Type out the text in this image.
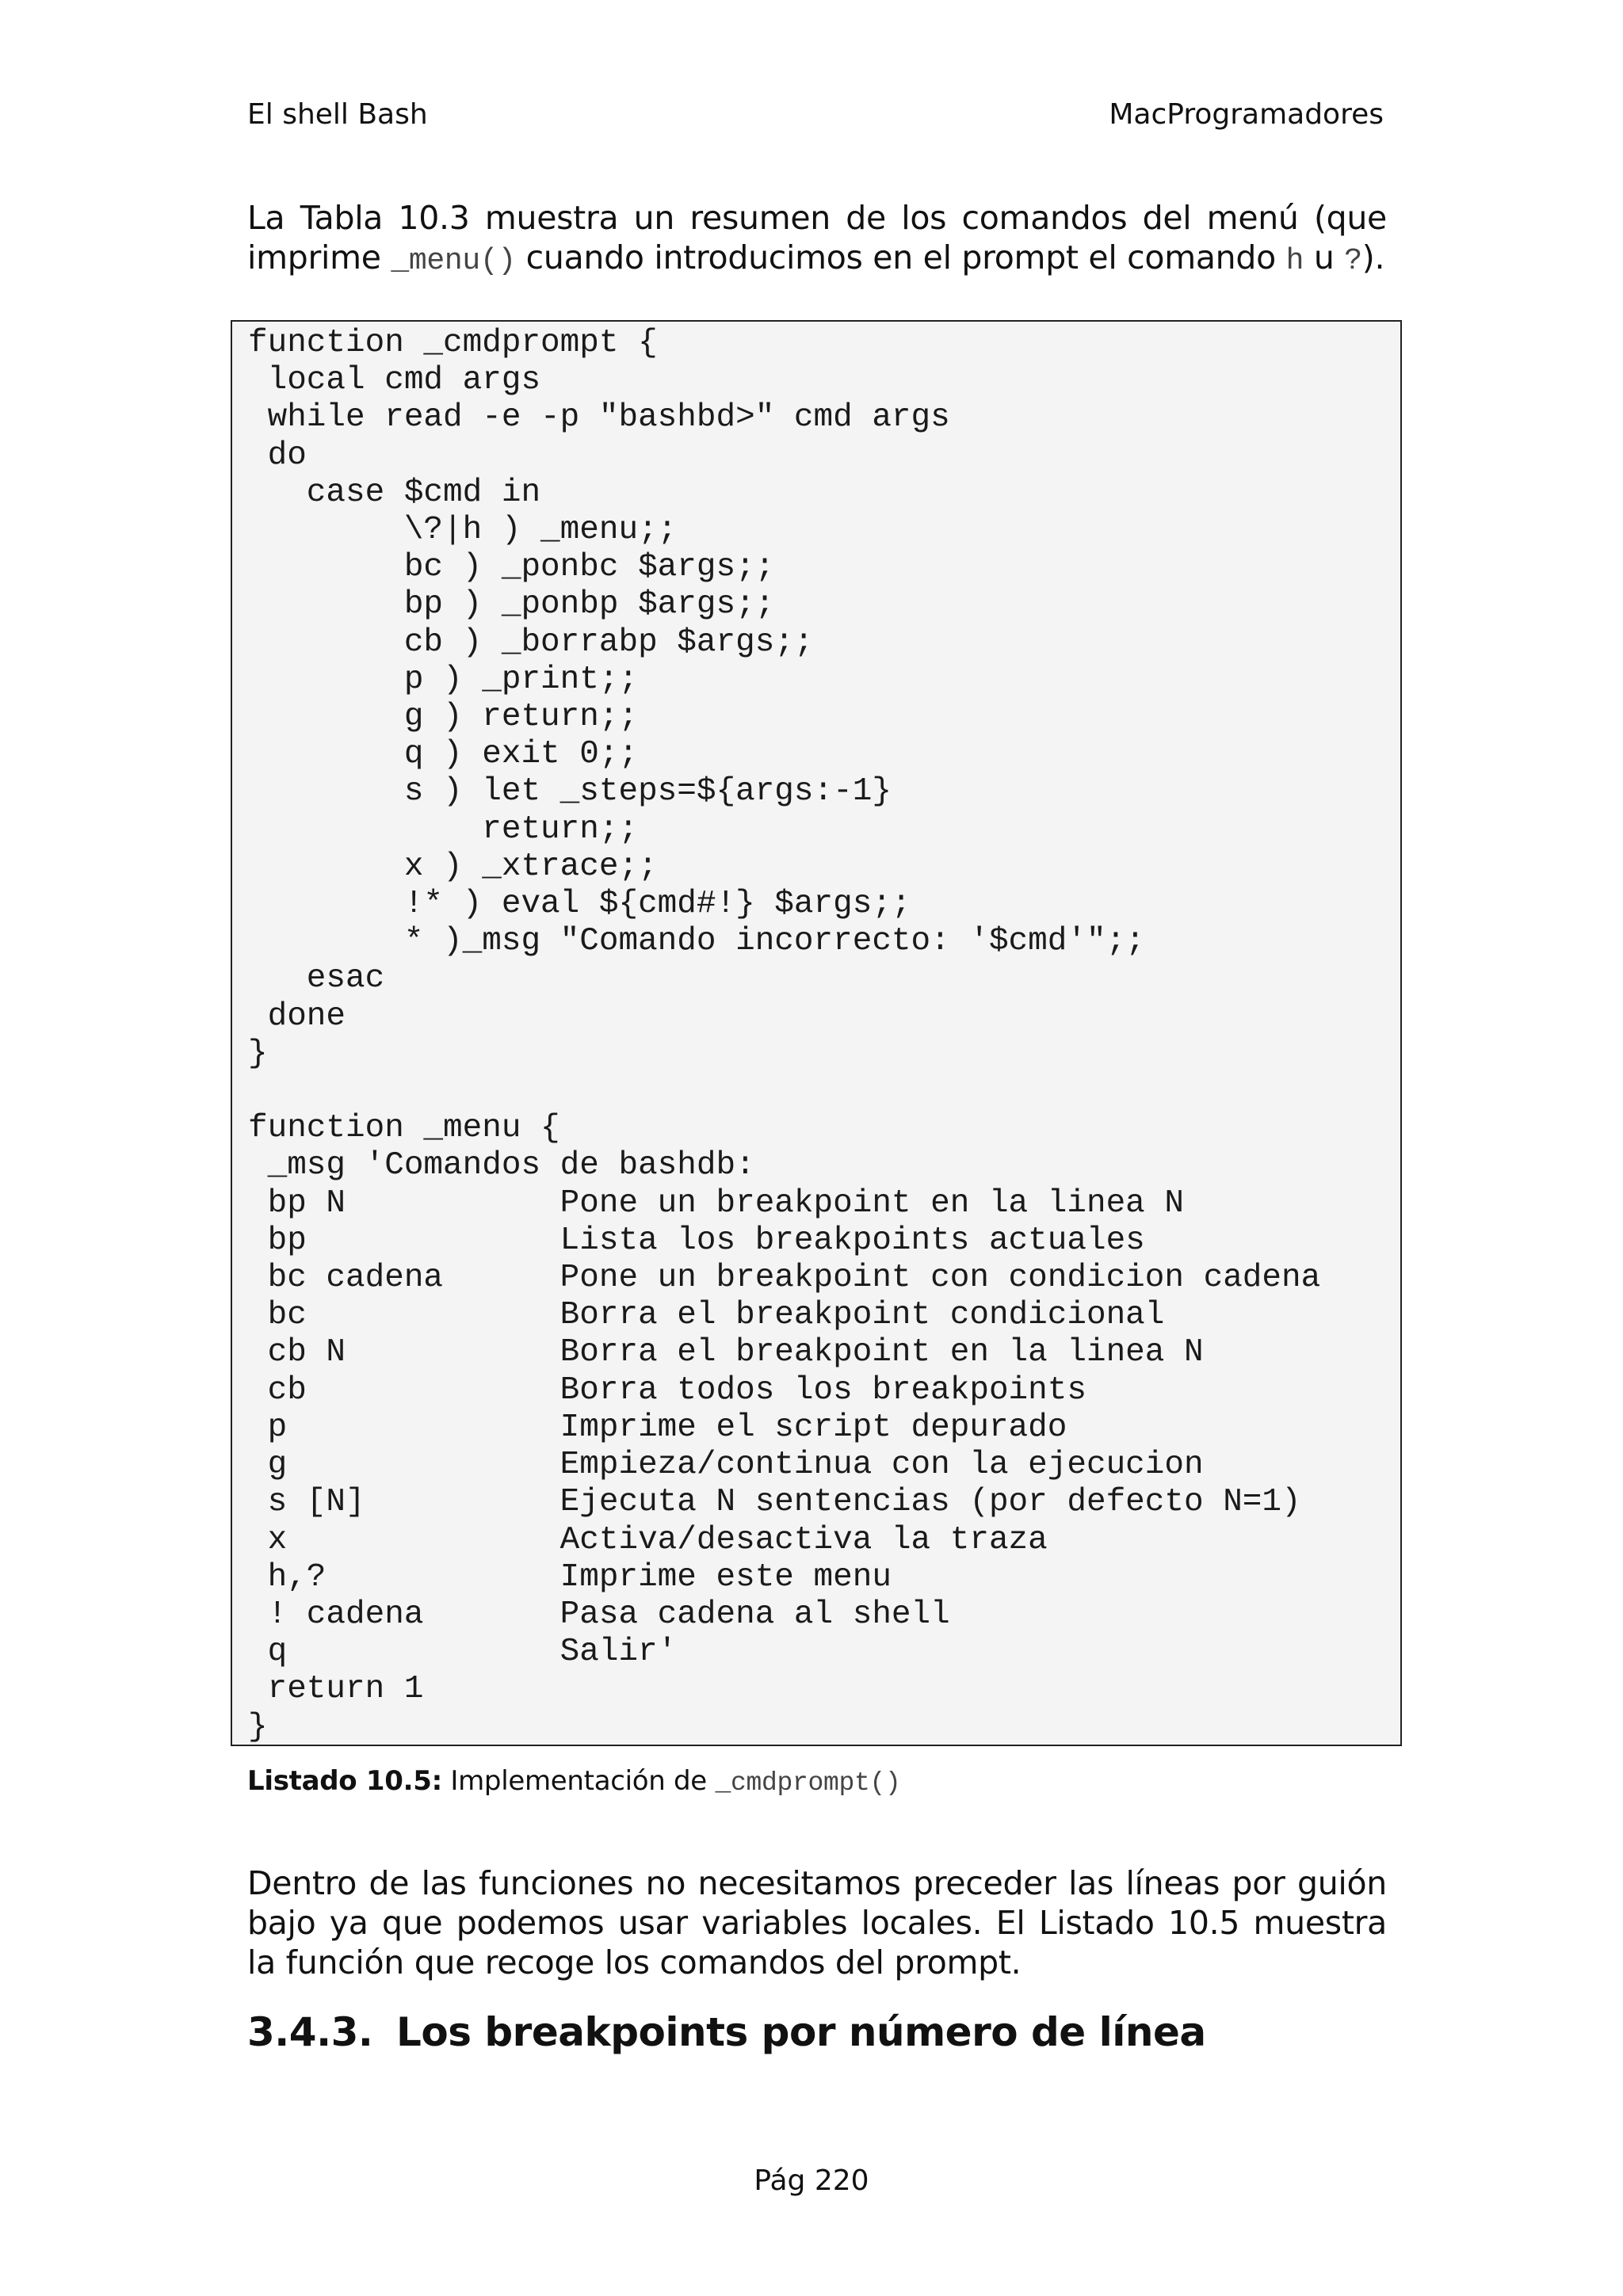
El shell Bash	MacProgramadores
La Tabla 10.3 muestra un resumen de los comandos del menú (que imprime _menu() cuando introducimos en el prompt el comando h u ?).
function _cmdprompt {
local cmd args
while read -e -p "bashbd>" cmd args
do
case $cmd in
\?|h ) _menu;;
bc ) _ponbc $args;;
bp ) _ponbp $args;;
cb ) _borrabp $args;;
p ) _print;;
g ) return;;
q ) exit 0;;
s ) let _steps=${args:-1}
return;;
x ) _xtrace;;
!* ) eval ${cmd#!} $args;;
* )_msg "Comando incorrecto: '$cmd'";;
esac
done
}

function _menu {
_msg 'Comandos de bashdb:
bp N           Pone un breakpoint en la linea N
bp             Lista los breakpoints actuales
bc cadena      Pone un breakpoint con condicion cadena
bc             Borra el breakpoint condicional
cb N           Borra el breakpoint en la linea N
cb             Borra todos los breakpoints
p              Imprime el script depurado
g              Empieza/continua con la ejecucion
s [N]          Ejecuta N sentencias (por defecto N=1)
x              Activa/desactiva la traza
h,?            Imprime este menu
! cadena       Pasa cadena al shell
q              Salir'
return 1
}
Listado 10.5: Implementación de _cmdprompt()
Dentro de las funciones no necesitamos preceder las líneas por guión bajo ya que podemos usar variables locales. El Listado 10.5 muestra la función que recoge los comandos del prompt.
3.4.3. Los breakpoints por número de línea
Pág 220
